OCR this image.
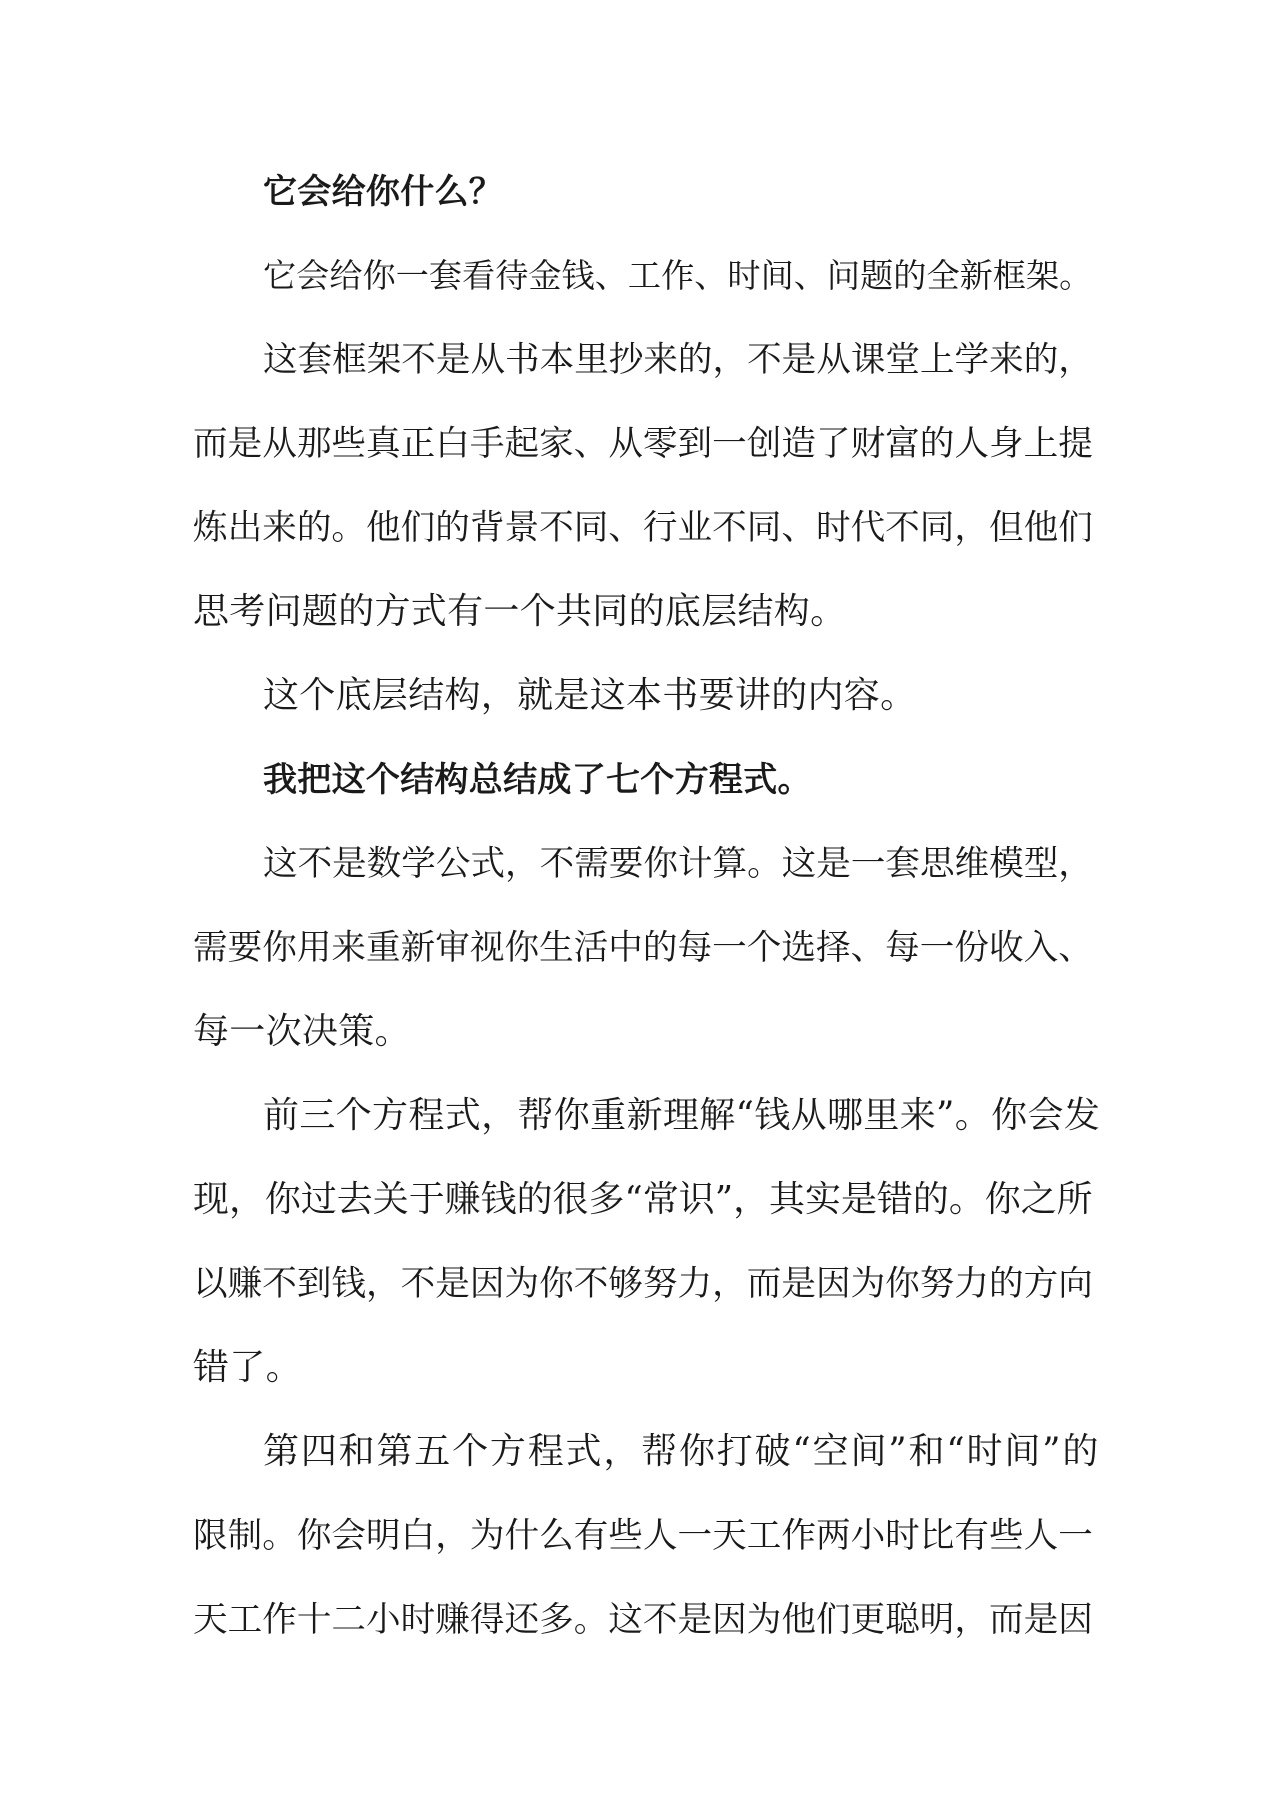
它会给你什么？
它会给你一套看待金钱、工作、时间、问题的全新框架。
这套框架不是从书本里抄来的，不是从课堂上学来的，
而是从那些真正白手起家、从零到一创造了财富的人身上提
炼出来的。他们的背景不同、行业不同、时代不同，但他们
思考问题的方式有一个共同的底层结构。
这个底层结构，就是这本书要讲的内容。
我把这个结构总结成了七个方程式。
这不是数学公式，不需要你计算。这是一套思维模型，
需要你用来重新审视你生活中的每一个选择、每一份收入、
每一次决策。
前三个方程式，帮你重新理解“钱从哪里来”。你会发
现，你过去关于赚钱的很多“常识”，其实是错的。你之所
以赚不到钱，不是因为你不够努力，而是因为你努力的方向
错了。
第四和第五个方程式，帮你打破“空间”和“时间”的
限制。你会明白，为什么有些人一天工作两小时比有些人一
天工作十二小时赚得还多。这不是因为他们更聪明，而是因
